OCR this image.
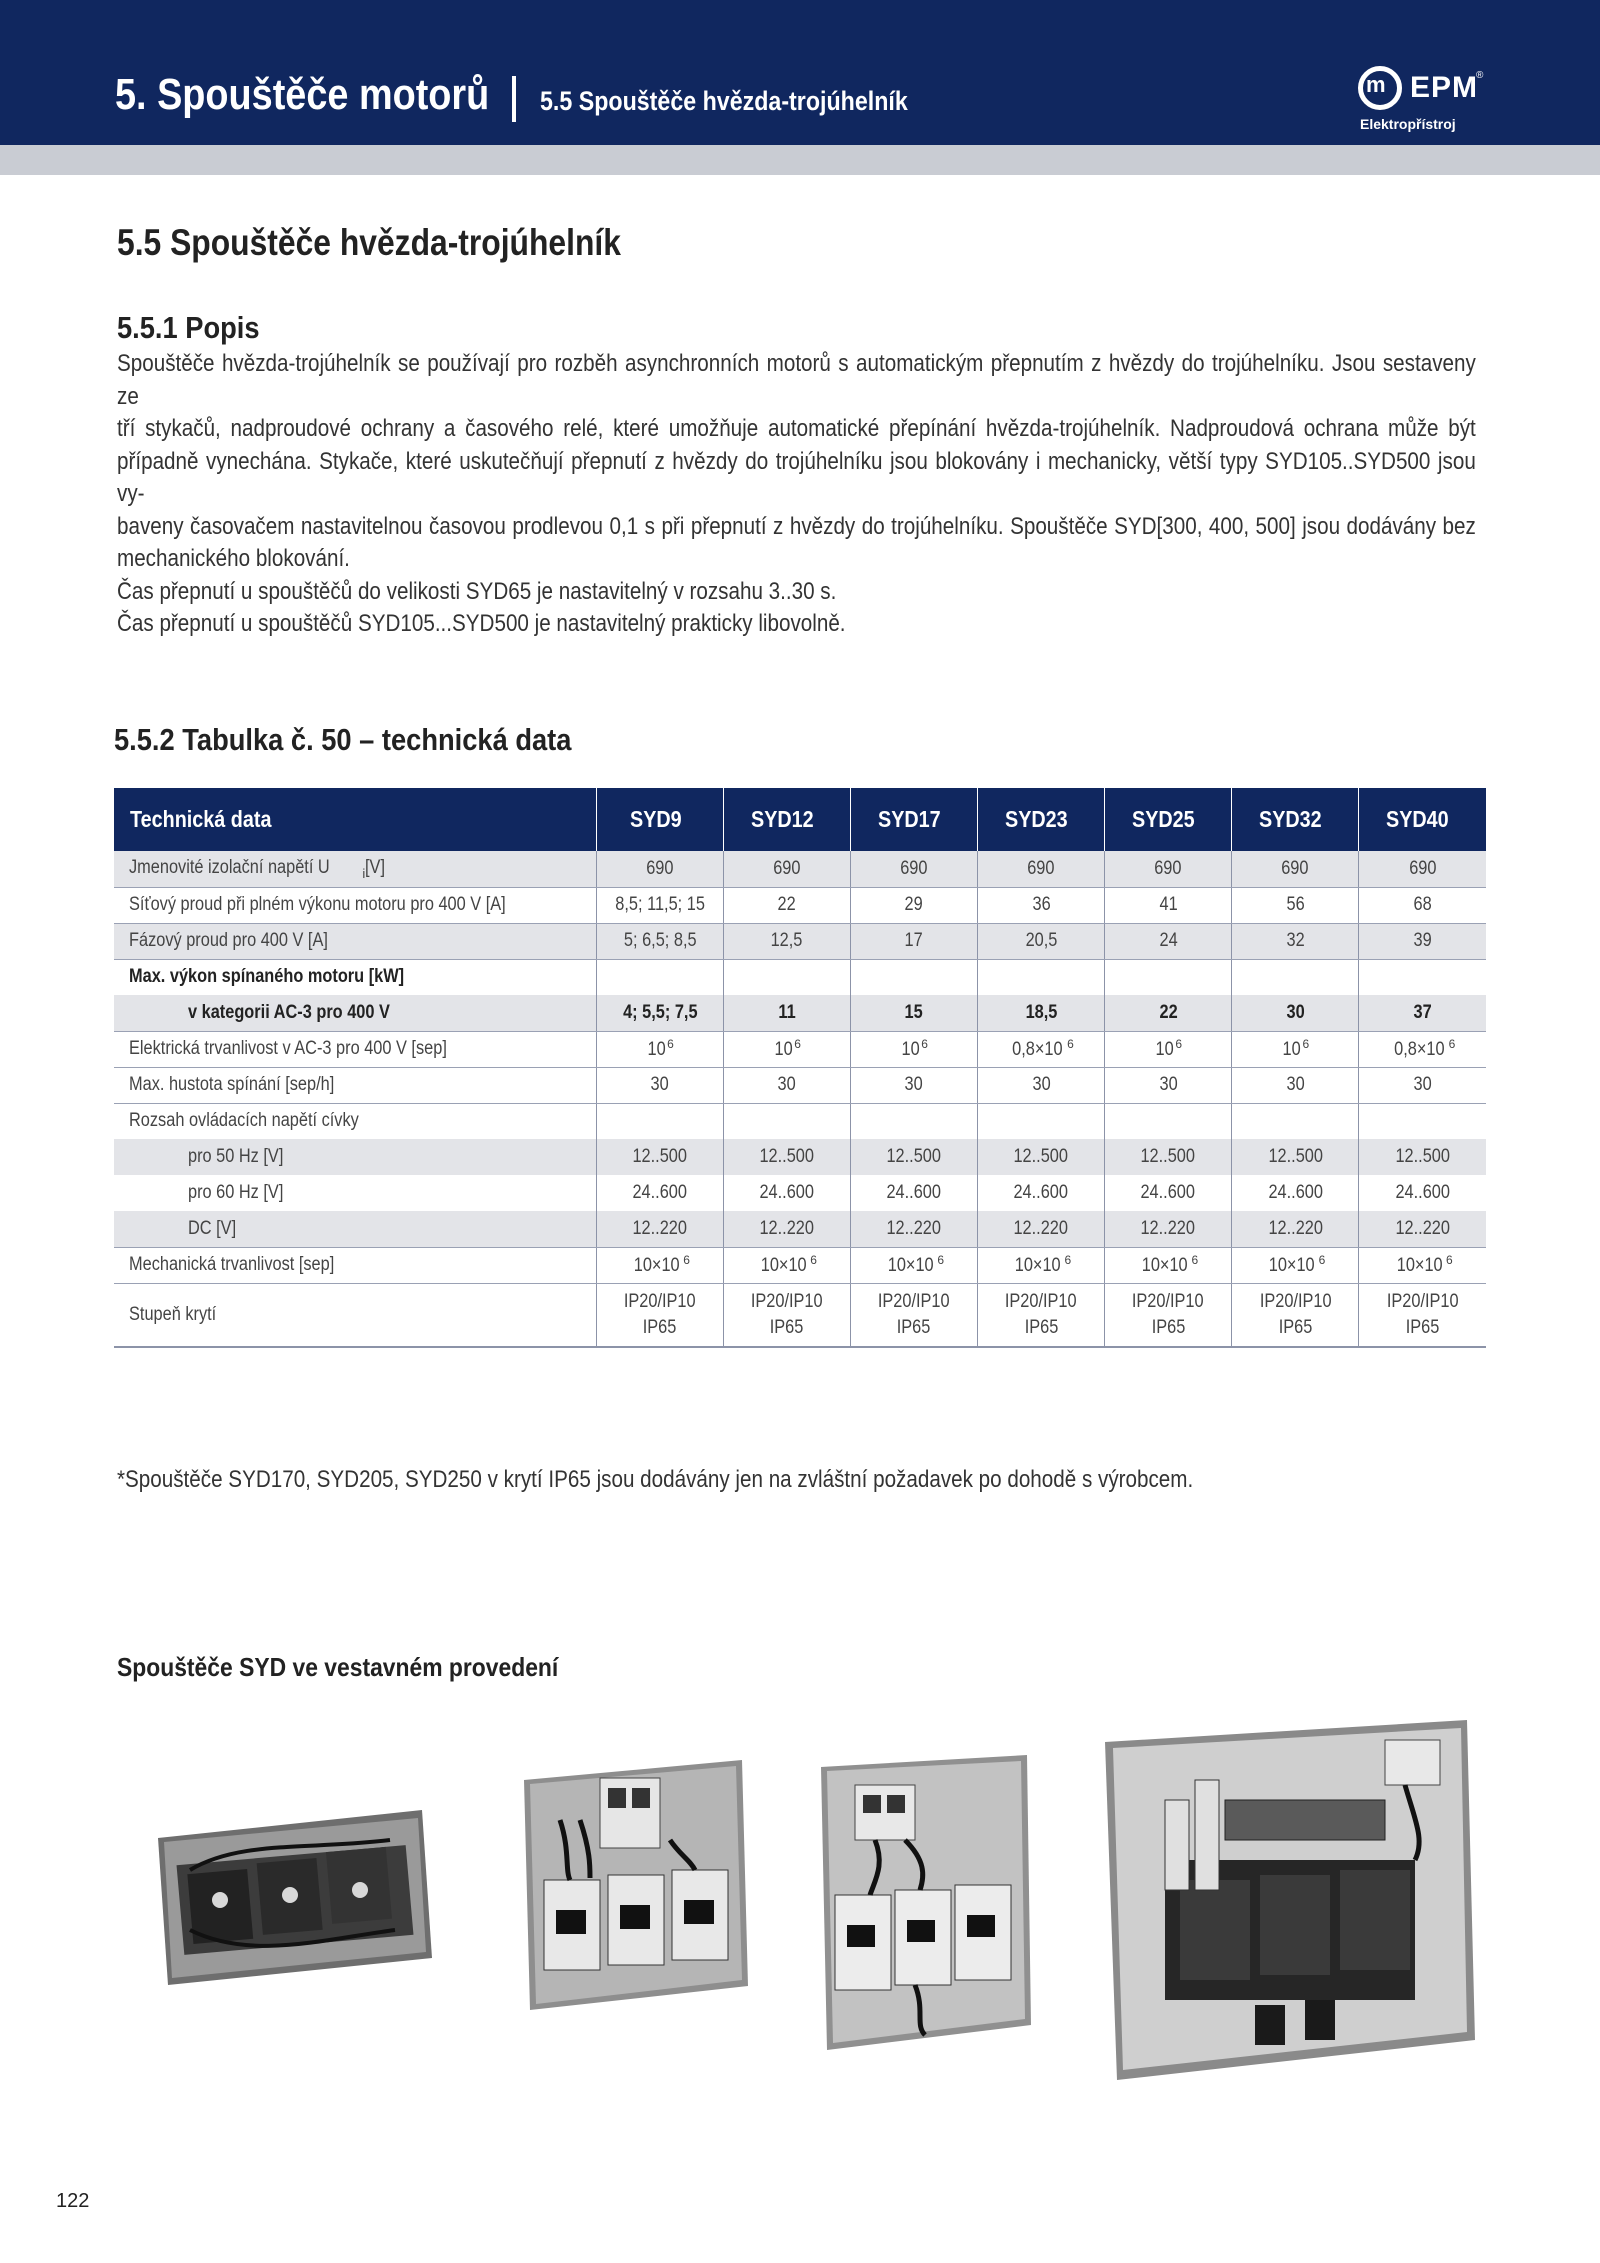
5. Spouštěče motorů 5.5 Spouštěče hvězda-trojúhelník
m EPM
®
Elektropřístroj
5.5 Spouštěče hvězda-trojúhelník
5.5.1 Popis

Spouštěče hvězda-trojúhelník se používají pro rozběh asynchronních motorů s automatickým přepnutím z hvězdy do trojúhelníku. Jsou sestaveny ze

tří stykačů, nadproudové ochrany a časového relé, které umožňuje automatické přepínání hvězda-trojúhelník. Nadproudová ochrana může být

případně vynechána. Stykače, které uskutečňují přepnutí z hvězdy do trojúhelníku jsou blokovány i mechanicky, větší typy SYD105..SYD500 jsou vy-

baveny časovačem nastavitelnou časovou prodlevou 0,1 s při přepnutí z hvězdy do trojúhelníku. Spouštěče SYD[300, 400, 500] jsou dodávány bez

mechanického blokování.

Čas přepnutí u spouštěčů do velikosti SYD65 je nastavitelný v rozsahu 3..30 s.

Čas přepnutí u spouštěčů SYD105...SYD500 je nastavitelný prakticky libovolně.

5.5.2 Tabulka č. 50 – technická data
Technická data	SYD9	SYD12	SYD17	SYD23	SYD25	SYD32	SYD40
Jmenovité izolační napětí U $_i$[V]	690	690	690	690	690	690	690
Síťový proud při plném výkonu motoru pro 400 V [A]	8,5; 11,5; 15	22	29	36	41	56	68
Fázový proud pro 400 V [A]	5; 6,5; 8,5	12,5	17	20,5	24	32	39
Max. výkon spínaného motoru [kW]							
v kategorii AC-3 pro 400 V	4; 5,5; 7,5	11	15	18,5	22	30	37
Elektrická trvanlivost v AC-3 pro 400 V [sep]	$10^6$	$10^6$	$10^6$	0,8×10 $^6$	$10^6$	$10^6$	0,8×10 $^6$
Max. hustota spínání [sep/h]	30	30	30	30	30	30	30
Rozsah ovládacích napětí cívky							
pro 50 Hz [V]	12..500	12..500	12..500	12..500	12..500	12..500	12..500
pro 60 Hz [V]	24..600	24..600	24..600	24..600	24..600	24..600	24..600
DC [V]	12..220	12..220	12..220	12..220	12..220	12..220	12..220
Mechanická trvanlivost [sep]	10×10 $^6$	10×10 $^6$	10×10 $^6$	10×10 $^6$	10×10 $^6$	10×10 $^6$	10×10 $^6$
Stupeň krytí	IP20/IP10
IP65	IP20/IP10
IP65	IP20/IP10
IP65	IP20/IP10
IP65	IP20/IP10
IP65	IP20/IP10
IP65	IP20/IP10
IP65
*Spouštěče SYD170, SYD205, SYD250 v krytí IP65 jsou dodávány jen na zvláštní požadavek po dohodě s výrobcem.
Spouštěče SYD ve vestavném provedení
122
